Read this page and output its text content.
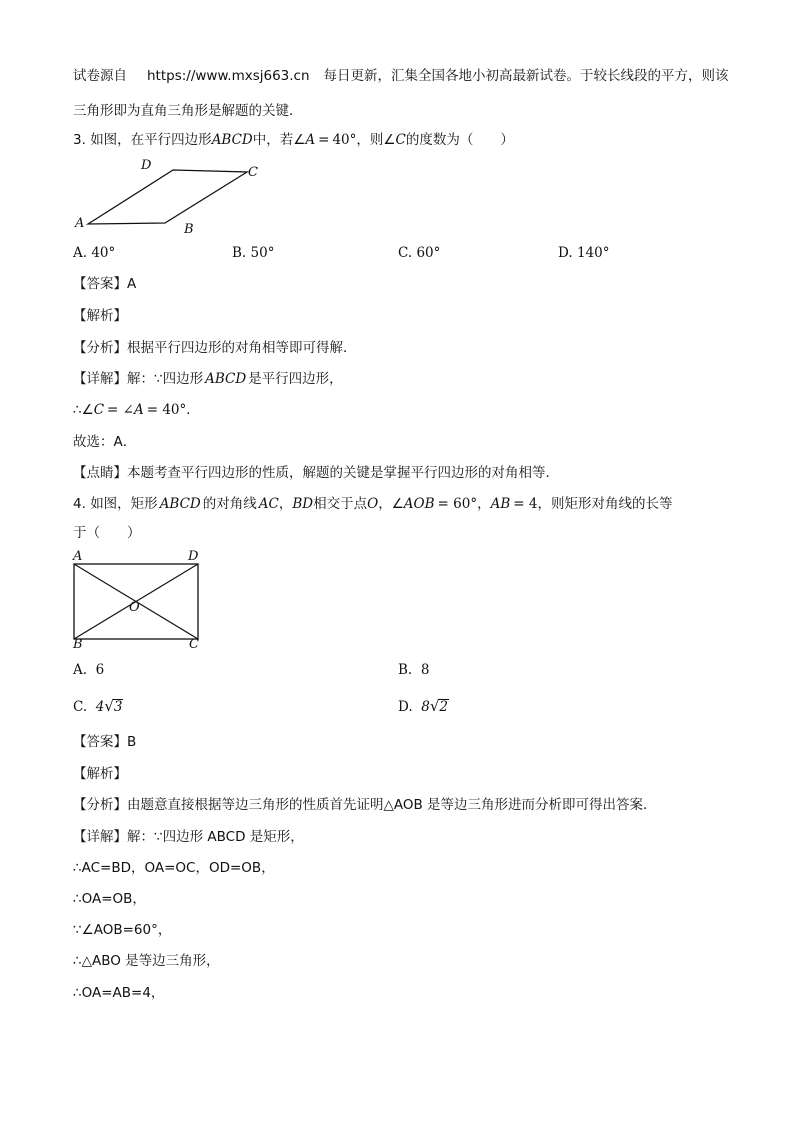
试卷源自 https://www.mxsj663.cn 每日更新，汇集全国各地小初高最新试卷。于较长线段的平方，则该
三角形即为直角三角形是解题的关键．
3. 如图，在平行四边形ABCD中，若∠A = 40°，则∠C的度数为（　　）
A	B
C
D
A. 40°	B. 50°	C. 60°	D. 140°
【答案】A
【解析】
【分析】根据平行四边形的对角相等即可得解．
【详解】解：∵四边形 ABCD 是平行四边形，
∴∠C = ∠A = 40°．
故选：A．
【点睛】本题考查平行四边形的性质，解题的关键是掌握平行四边形的对角相等．
4. 如图，矩形 ABCD 的对角线 AC，BD相交于点O，∠AOB = 60°，AB = 4，则矩形对角线的长等
于（　　）
A	D
O
B	C
A. 6	B. 8
C. 4√3	D. 8√2
【答案】B
【解析】
【分析】由题意直接根据等边三角形的性质首先证明△AOB 是等边三角形进而分析即可得出答案．
【详解】解：∵四边形 ABCD 是矩形，
∴AC=BD，OA=OC，OD=OB，
∴OA=OB，
∵∠AOB=60°，
∴△ABO 是等边三角形，
∴OA=AB=4，
